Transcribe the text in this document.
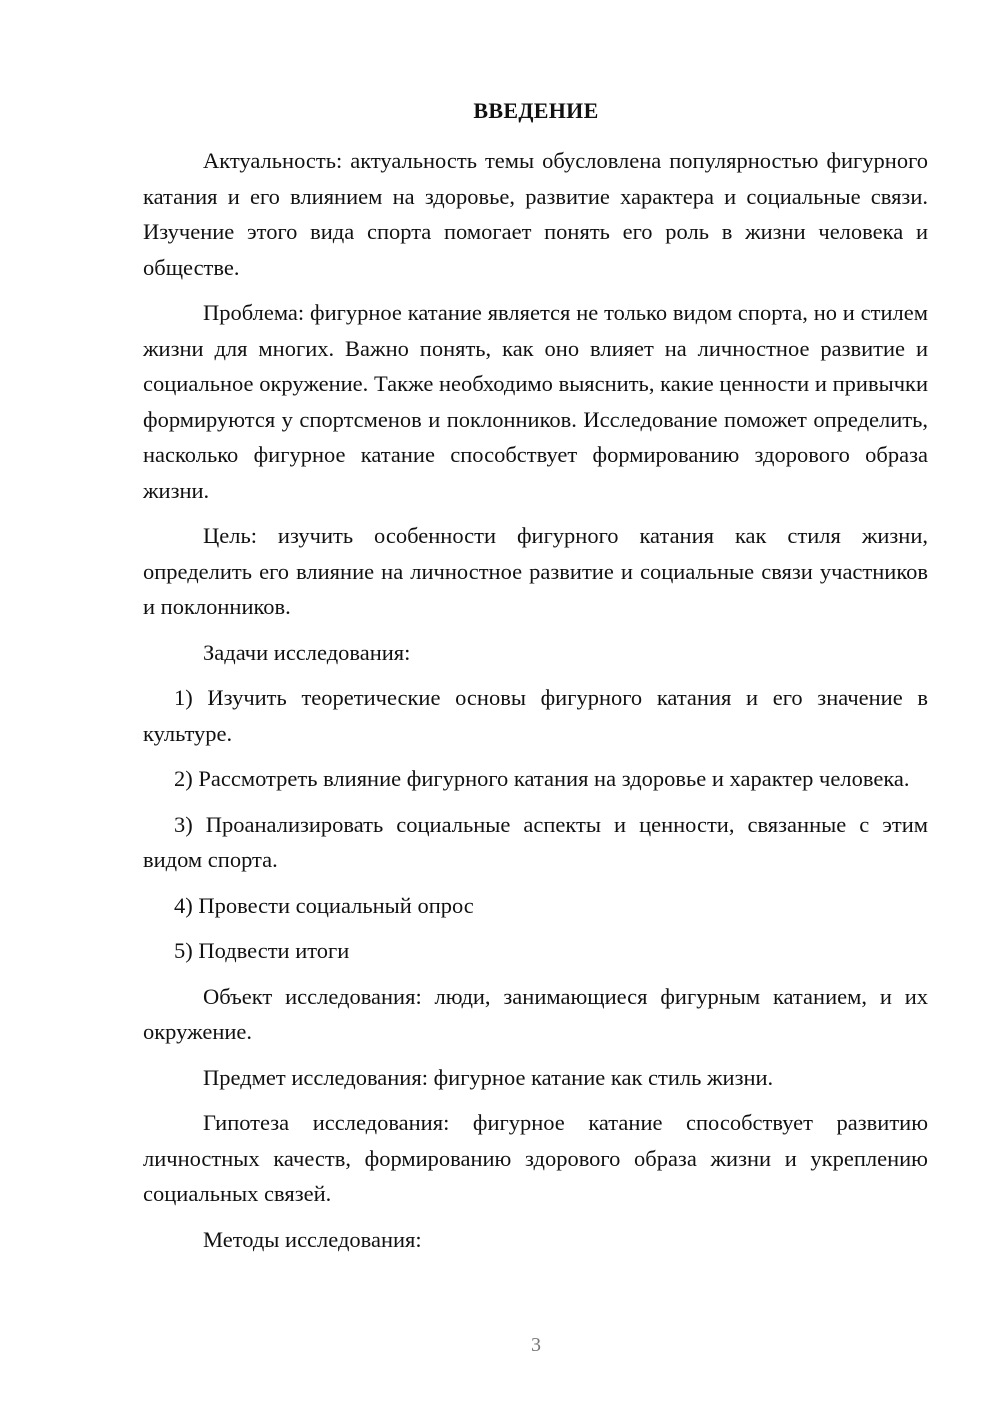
ВВЕДЕНИЕ

Актуальность: актуальность темы обусловлена популярностью фигурного катания и его влиянием на здоровье, развитие характера и социальные связи. Изучение этого вида спорта помогает понять его роль в жизни человека и обществе.

Проблема: фигурное катание является не только видом спорта, но и стилем жизни для многих. Важно понять, как оно влияет на личностное развитие и социальное окружение. Также необходимо выяснить, какие ценности и привычки формируются у спортсменов и поклонников. Исследование поможет определить, насколько фигурное катание способствует формированию здорового образа жизни.

Цель: изучить особенности фигурного катания как стиля жизни, определить его влияние на личностное развитие и социальные связи участников и поклонников.

Задачи исследования:

1) Изучить теоретические основы фигурного катания и его значение в культуре.

2) Рассмотреть влияние фигурного катания на здоровье и характер человека.

3) Проанализировать социальные аспекты и ценности, связанные с этим видом спорта.

4) Провести социальный опрос

5) Подвести итоги

Объект исследования: люди, занимающиеся фигурным катанием, и их окружение.

Предмет исследования: фигурное катание как стиль жизни.

Гипотеза исследования: фигурное катание способствует развитию личностных качеств, формированию здорового образа жизни и укреплению социальных связей.

Методы исследования:

3
